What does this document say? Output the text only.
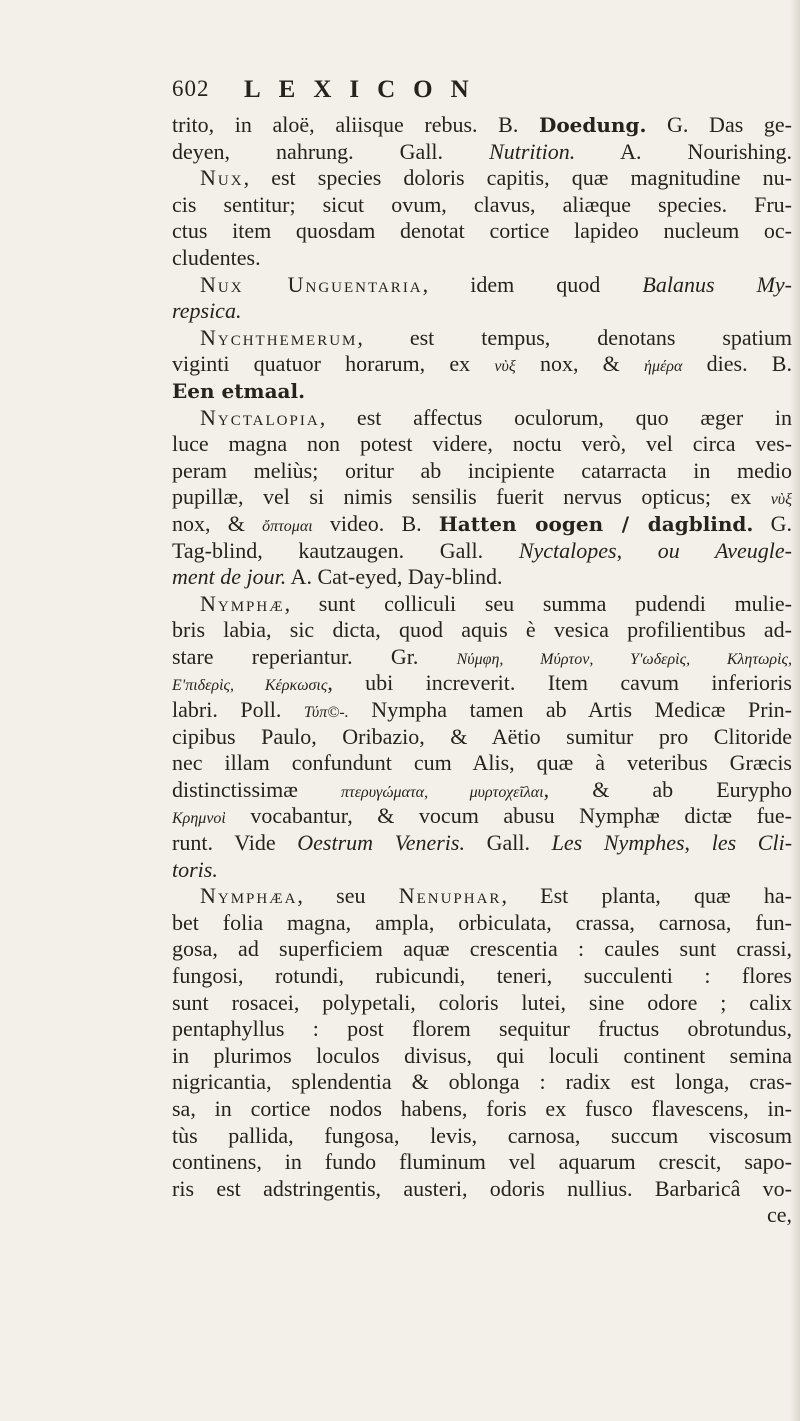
602 LEXICON
trito, in aloë, aliisque rebus. B. Doedung. G. Das ge-
deyen, nahrung. Gall. Nutrition. A. Nourishing.
Nux, est species doloris capitis, quæ magnitudine nu-
cis sentitur; sicut ovum, clavus, aliæque species. Fru-
ctus item quosdam denotat cortice lapideo nucleum oc-
cludentes.
Nux Unguentaria, idem quod Balanus My-
repsica.
Nychthemerum, est tempus, denotans spatium
viginti quatuor horarum, ex νὺξ nox, & ἡμέρα dies. B.
Een etmaal.
Nyctalopia, est affectus oculorum, quo æger in
luce magna non potest videre, noctu verò, vel circa ves-
peram meliùs; oritur ab incipiente catarracta in medio
pupillæ, vel si nimis sensilis fuerit nervus opticus; ex νὺξ
nox, & ὄπτομαι video. B. Hatten oogen / dagblind. G.
Tag-blind, kautzaugen. Gall. Nyctalopes, ou Aveugle-
ment de jour. A. Cat-eyed, Day-blind.
Nymphæ, sunt colliculi seu summa pudendi mulie-
bris labia, sic dicta, quod aquis è vesica profilientibus ad-
stare reperiantur. Gr. Νύμφη, Μύρτον, Υ'ωδερὶς, Κλητωρὶς,
Ε'πιδερὶς, Κέρκωσις, ubi increverit. Item cavum inferioris
labri. Poll. Τύπ©-. Nympha tamen ab Artis Medicæ Prin-
cipibus Paulo, Oribazio, & Aëtio sumitur pro Clitoride
nec illam confundunt cum Alis, quæ à veteribus Græcis
distinctissimæ πτερυγώματα, μυρτοχεῖλαι, & ab Eurypho
Κρημνοὶ vocabantur, & vocum abusu Nymphæ dictæ fue-
runt. Vide Oestrum Veneris. Gall. Les Nymphes, les Cli-
toris.
Nymphæa, seu Nenuphar, Est planta, quæ ha-
bet folia magna, ampla, orbiculata, crassa, carnosa, fun-
gosa, ad superficiem aquæ crescentia : caules sunt crassi,
fungosi, rotundi, rubicundi, teneri, succulenti : flores
sunt rosacei, polypetali, coloris lutei, sine odore ; calix
pentaphyllus : post florem sequitur fructus obrotundus,
in plurimos loculos divisus, qui loculi continent semina
nigricantia, splendentia & oblonga : radix est longa, cras-
sa, in cortice nodos habens, foris ex fusco flavescens, in-
tùs pallida, fungosa, levis, carnosa, succum viscosum
continens, in fundo fluminum vel aquarum crescit, sapo-
ris est adstringentis, austeri, odoris nullius. Barbaricâ vo-
ce,
